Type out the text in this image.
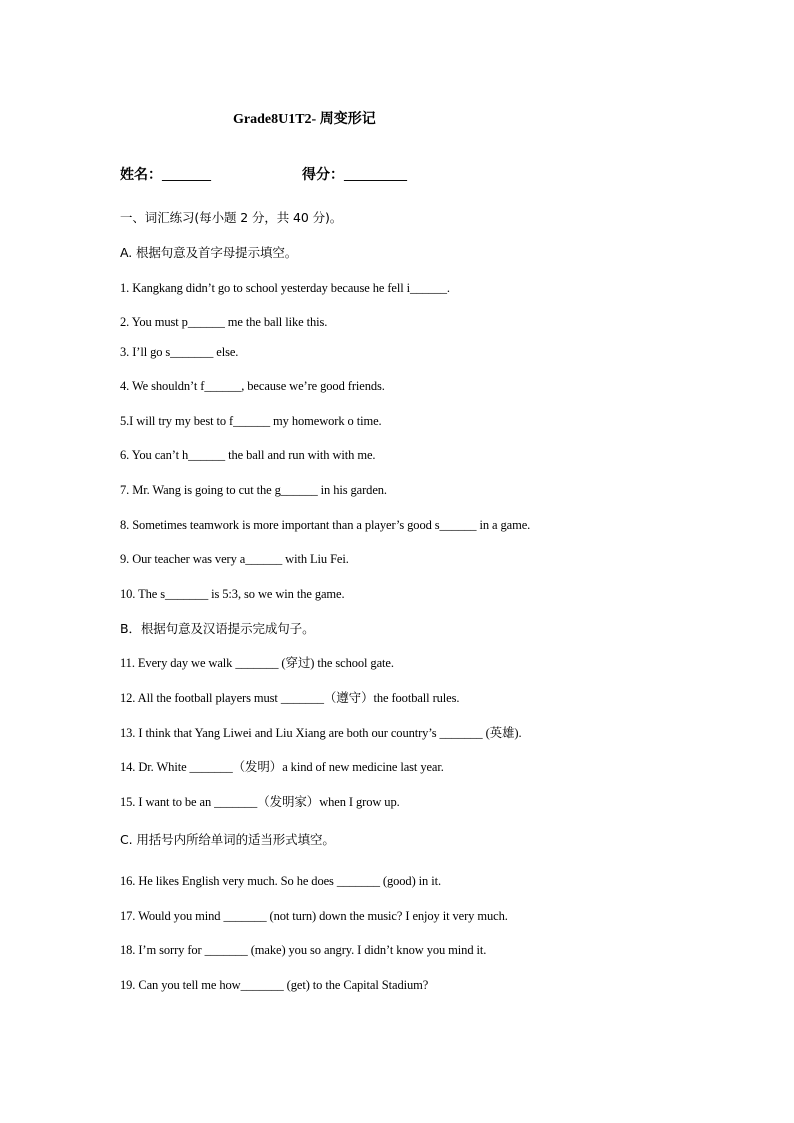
Grade8U1T2- 周变形记
姓名：_______	得分：_________
一、词汇练习(每小题 2 分，共 40 分)。
A. 根据句意及首字母提示填空。
1. Kangkang didn’t go to school yesterday because he fell i______.
2. You must p______ me the ball like this.
3. I’ll go s_______ else.
4. We shouldn’t f______, because we’re good friends.
5.I will try my best to f______ my homework o time.
6. You can’t h______ the ball and run with with me.
7. Mr. Wang is going to cut the g______ in his garden.
8. Sometimes teamwork is more important than a player’s good s______ in a game.
9. Our teacher was very a______ with Liu Fei.
10. The s_______ is 5:3, so we win the game.
B．根据句意及汉语提示完成句子。
11. Every day we walk _______ (穿过) the school gate.
12. All the football players must _______（遵守）the football rules.
13. I think that Yang Liwei and Liu Xiang are both our country’s _______ (英雄).
14. Dr. White _______（发明）a kind of new medicine last year.
15. I want to be an _______（发明家）when I grow up.
C. 用括号内所给单词的适当形式填空。
16. He likes English very much. So he does _______ (good) in it.
17. Would you mind _______ (not turn) down the music? I enjoy it very much.
18. I’m sorry for _______ (make) you so angry. I didn’t know you mind it.
19. Can you tell me how_______ (get) to the Capital Stadium?
